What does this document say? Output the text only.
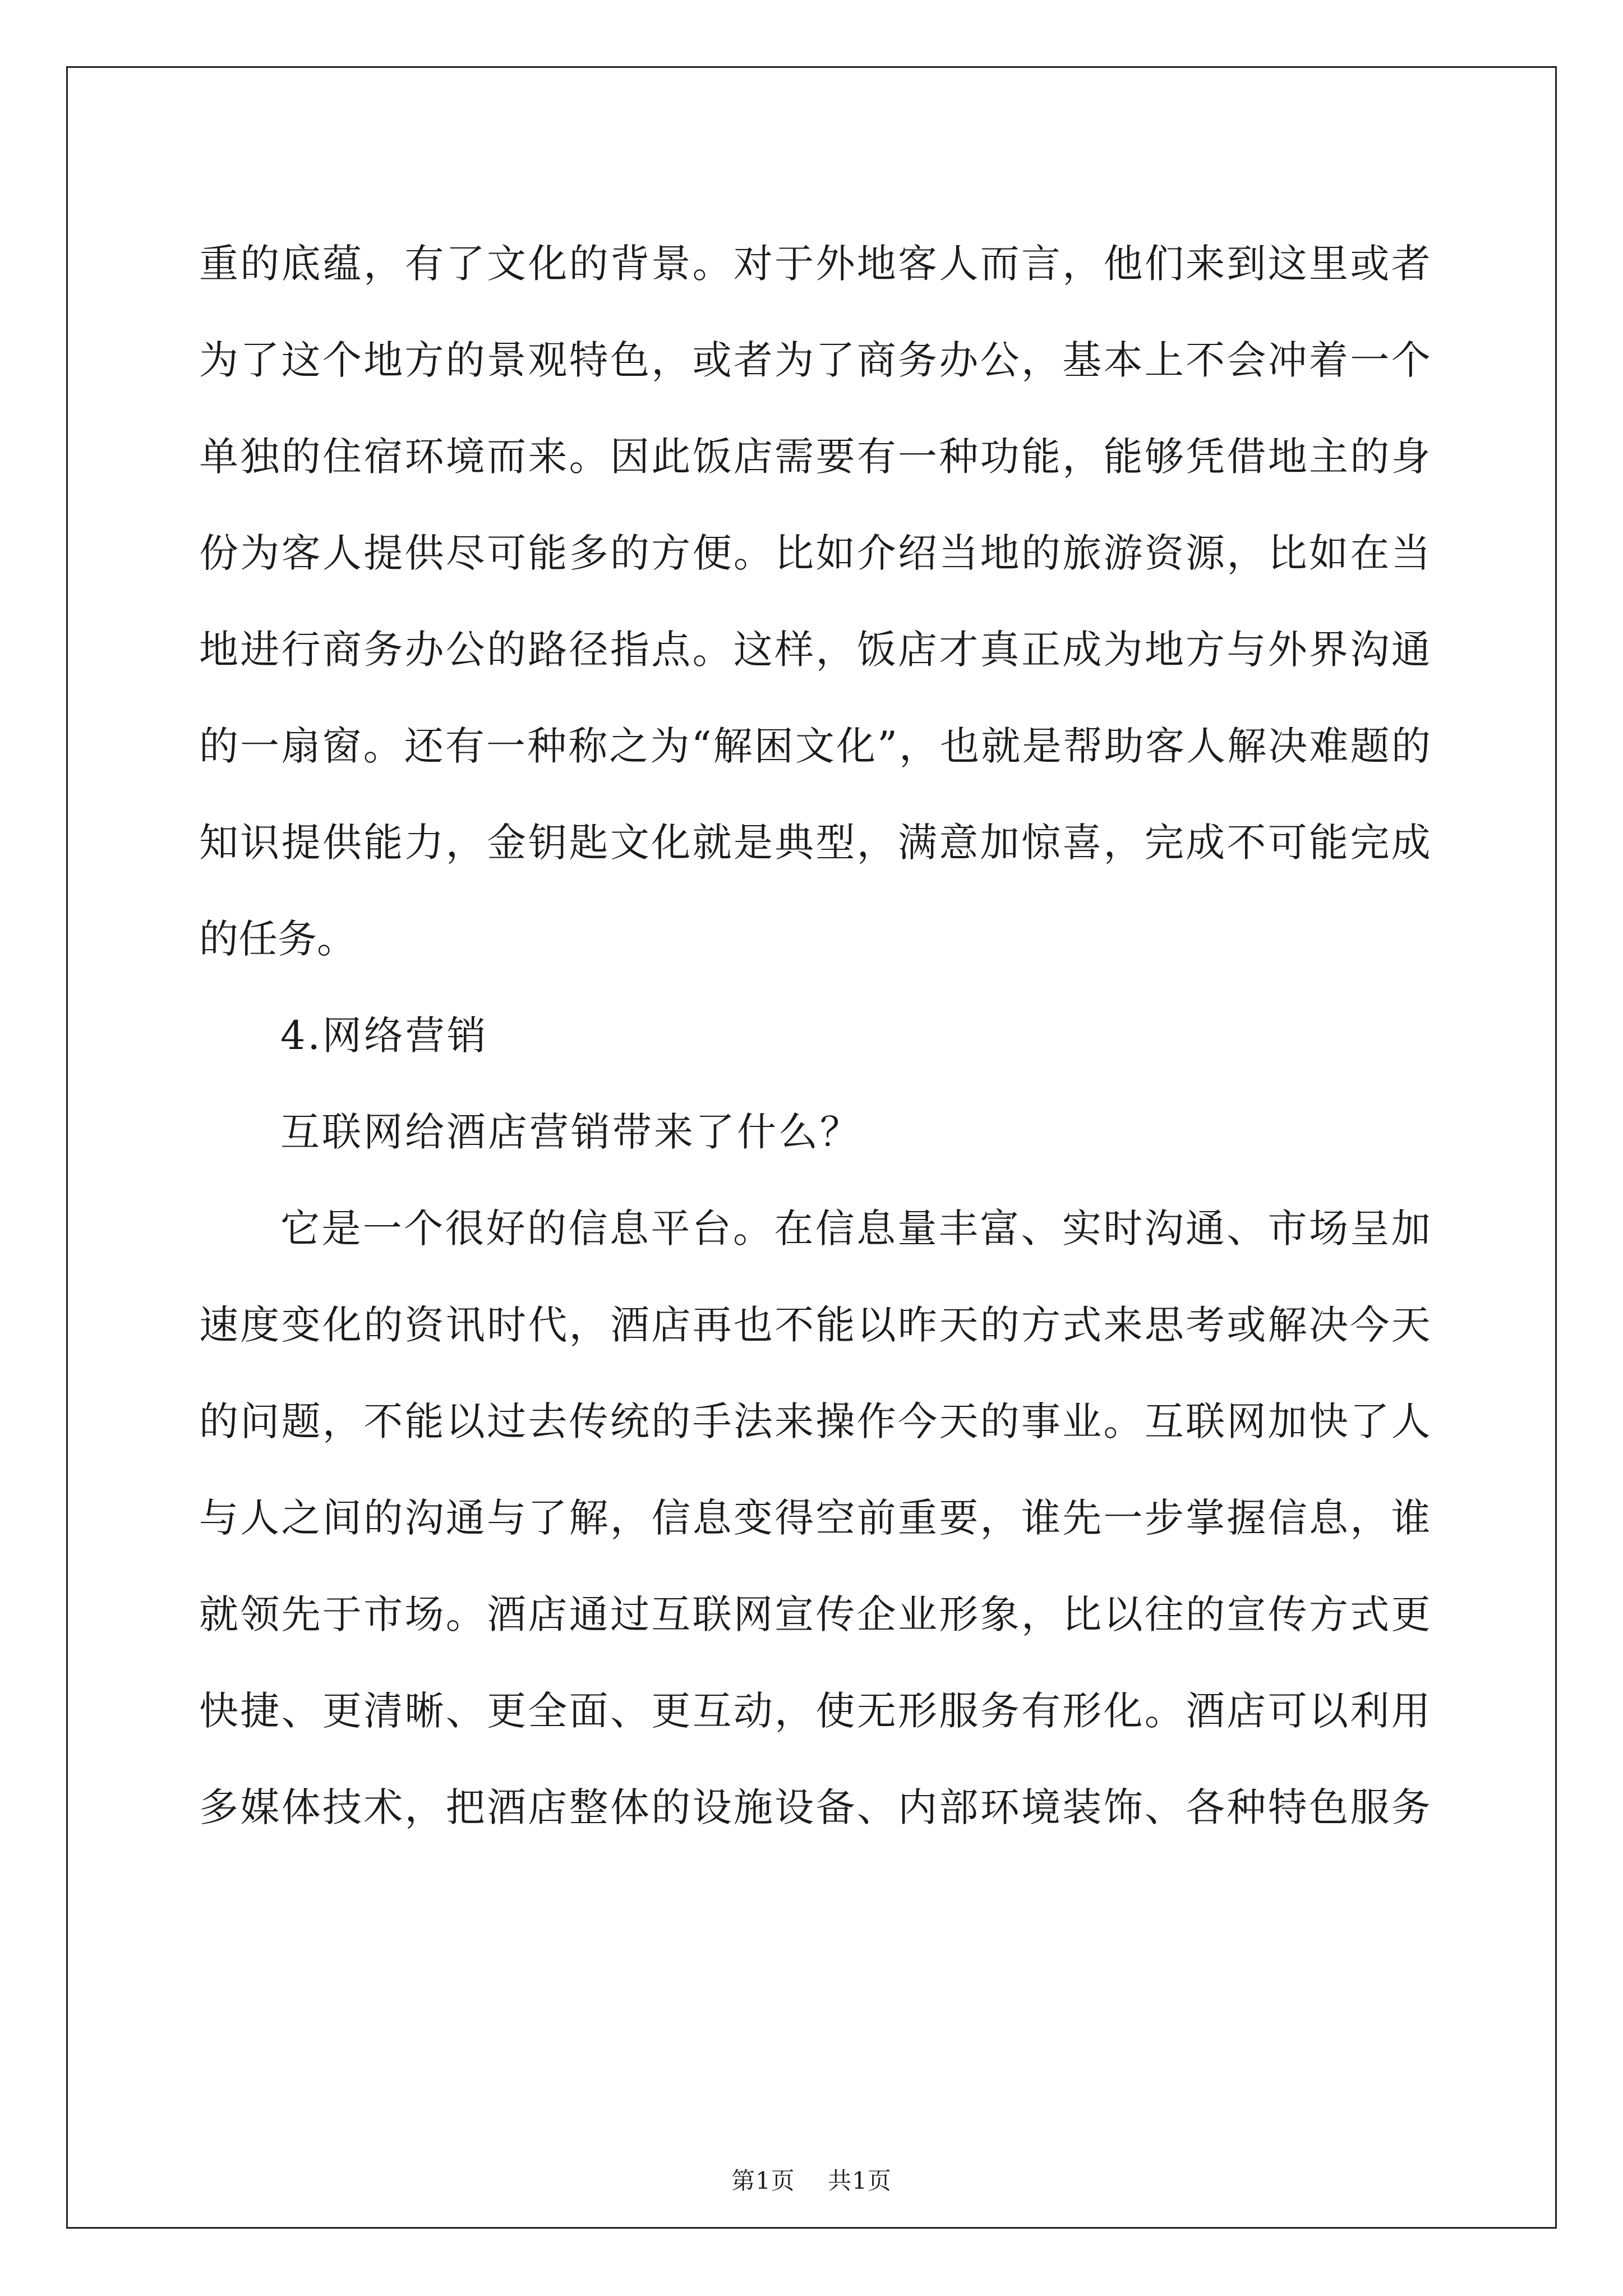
重 的 底 蕴 ， 有 了 文 化 的 背 景 。 对 于 外 地 客 人 而 言 ， 他 们 来 到 这 里 或 者

为 了 这 个 地 方 的 景 观 特 色 ， 或 者 为 了 商 务 办 公 ， 基 本 上 不 会 冲 着 一 个

单 独 的 住 宿 环 境 而 来 。 因 此 饭 店 需 要 有 一 种 功 能 ， 能 够 凭 借 地 主 的 身

份 为 客 人 提 供 尽 可 能 多 的 方 便 。 比 如 介 绍 当 地 的 旅 游 资 源 ， 比 如 在 当

地 进 行 商 务 办 公 的 路 径 指 点 。 这 样 ， 饭 店 才 真 正 成 为 地 方 与 外 界 沟 通

的 一 扇 窗 。 还 有 一 种 称 之 为 “ 解 困 文 化 ” ， 也 就 是 帮 助 客 人 解 决 难 题 的

知 识 提 供 能 力 ， 金 钥 匙 文 化 就 是 典 型 ， 满 意 加 惊 喜 ， 完 成 不 可 能 完 成

的任务。

4.网络营销

互联网给酒店营销带来了什么？

它 是 一 个 很 好 的 信 息 平 台 。 在 信 息 量 丰 富 、 实 时 沟 通 、 市 场 呈 加

速 度 变 化 的 资 讯 时 代 ， 酒 店 再 也 不 能 以 昨 天 的 方 式 来 思 考 或 解 决 今 天

的 问 题 ， 不 能 以 过 去 传 统 的 手 法 来 操 作 今 天 的 事 业 。 互 联 网 加 快 了 人

与 人 之 间 的 沟 通 与 了 解 ， 信 息 变 得 空 前 重 要 ， 谁 先 一 步 掌 握 信 息 ， 谁

就 领 先 于 市 场 。 酒 店 通 过 互 联 网 宣 传 企 业 形 象 ， 比 以 往 的 宣 传 方 式 更

快 捷 、 更 清 晰 、 更 全 面 、 更 互 动 ， 使 无 形 服 务 有 形 化 。 酒 店 可 以 利 用

多 媒 体 技 术 ， 把 酒 店 整 体 的 设 施 设 备 、 内 部 环 境 装 饰 、 各 种 特 色 服 务

第1页 共1页
